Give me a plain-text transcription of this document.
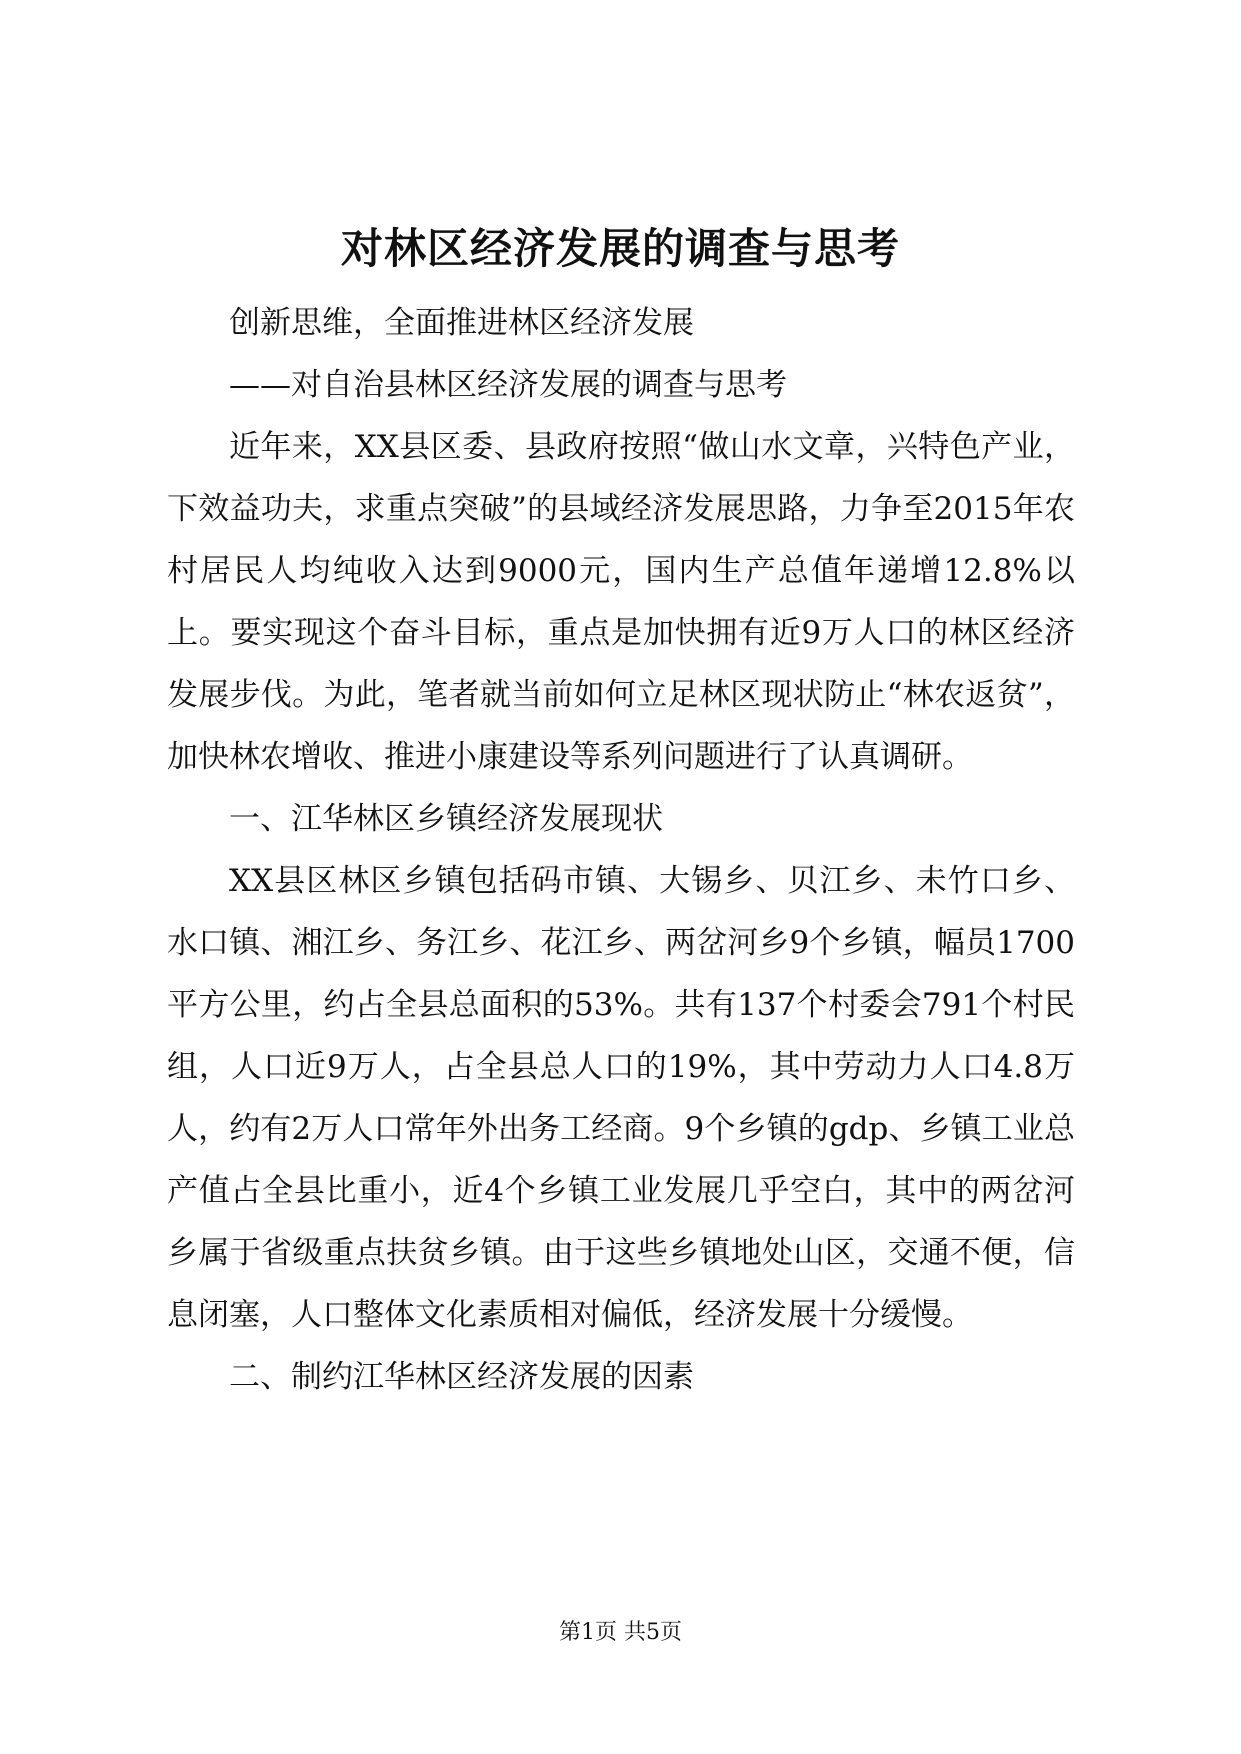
对林区经济发展的调查与思考

创新思维，全面推进林区经济发展

——对自治县林区经济发展的调查与思考

近年来，XX县区委、县政府按照“做山水文章，兴特色产业，下效益功夫，求重点突破”的县域经济发展思路，力争至2015年农村居民人均纯收入达到9000元，国内生产总值年递增12.8%以上。要实现这个奋斗目标，重点是加快拥有近9万人口的林区经济发展步伐。为此，笔者就当前如何立足林区现状防止“林农返贫”，加快林农增收、推进小康建设等系列问题进行了认真调研。

一、江华林区乡镇经济发展现状

XX县区林区乡镇包括码市镇、大锡乡、贝江乡、未竹口乡、水口镇、湘江乡、务江乡、花江乡、两岔河乡9个乡镇，幅员1700平方公里，约占全县总面积的53%。共有137个村委会791个村民组，人口近9万人，占全县总人口的19%，其中劳动力人口4.8万人，约有2万人口常年外出务工经商。9个乡镇的gdp、乡镇工业总产值占全县比重小，近4个乡镇工业发展几乎空白，其中的两岔河乡属于省级重点扶贫乡镇。由于这些乡镇地处山区，交通不便，信息闭塞，人口整体文化素质相对偏低，经济发展十分缓慢。

二、制约江华林区经济发展的因素

第1页 共5页
